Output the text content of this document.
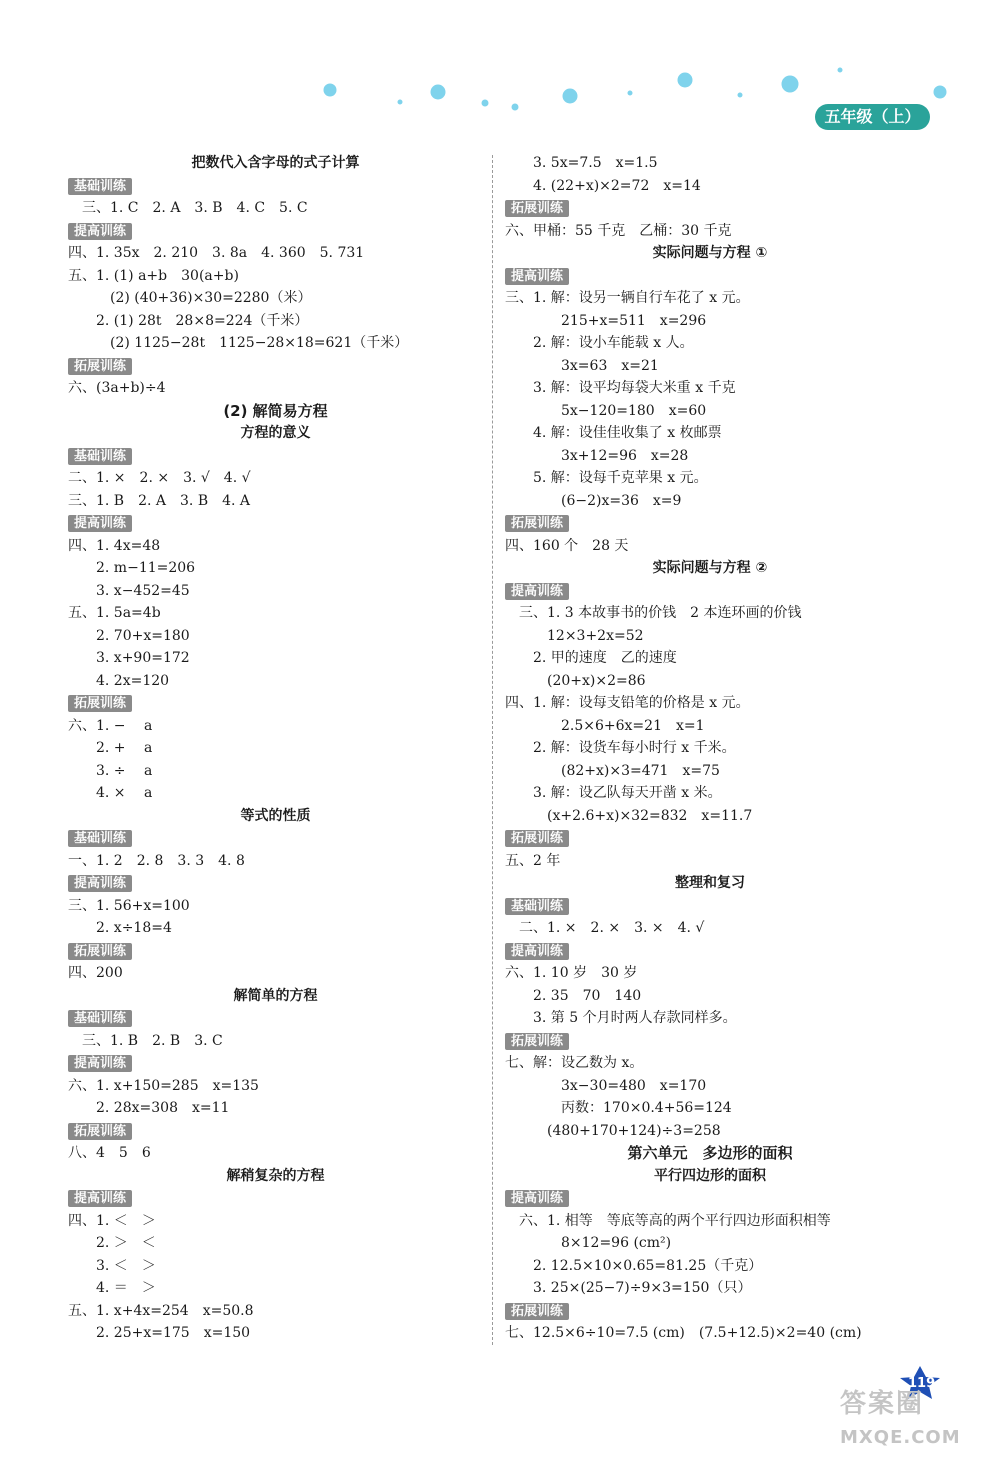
五年级（上）
把数代入含字母的式子计算
基础训练
三、1. C　2. A　3. B　4. C　5. C
提高训练
四、1. 35x　2. 210　3. 8a　4. 360　5. 731
五、1. (1) a+b　30(a+b)
(2) (40+36)×30=2280（米）
2. (1) 28t　28×8=224（千米）
(2) 1125−28t　1125−28×18=621（千米）
拓展训练
六、(3a+b)÷4
(2) 解简易方程
方程的意义
基础训练
二、1. ×　2. ×　3. √　4. √
三、1. B　2. A　3. B　4. A
提高训练
四、1. 4x=48
2. m−11=206
3. x−452=45
五、1. 5a=4b
2. 70+x=180
3. x+90=172
4. 2x=120
拓展训练
六、1. −　 a
2. +　 a
3. ÷　 a
4. ×　 a
等式的性质
基础训练
一、1. 2　2. 8　3. 3　4. 8
提高训练
三、1. 56+x=100
2. x÷18=4
拓展训练
四、200
解简单的方程
基础训练
三、1. B　2. B　3. C
提高训练
六、1. x+150=285　x=135
2. 28x=308　x=11
拓展训练
八、4　5　6
解稍复杂的方程
提高训练
四、1. ＜　＞
2. ＞　＜
3. ＜　＞
4. ＝　＞
五、1. x+4x=254　x=50.8
2. 25+x=175　x=150
3. 5x=7.5　x=1.5
4. (22+x)×2=72　x=14
拓展训练
六、甲桶：55 千克　乙桶：30 千克
实际问题与方程 ①
提高训练
三、1. 解：设另一辆自行车花了 x 元。
215+x=511　x=296
2. 解：设小车能载 x 人。
3x=63　x=21
3. 解：设平均每袋大米重 x 千克
5x−120=180　x=60
4. 解：设佳佳收集了 x 枚邮票
3x+12=96　x=28
5. 解：设每千克苹果 x 元。
(6−2)x=36　x=9
拓展训练
四、160 个　28 天
实际问题与方程 ②
提高训练
三、1. 3 本故事书的价钱　2 本连环画的价钱
12×3+2x=52
2. 甲的速度　乙的速度
(20+x)×2=86
四、1. 解：设每支铅笔的价格是 x 元。
2.5×6+6x=21　x=1
2. 解：设货车每小时行 x 千米。
(82+x)×3=471　x=75
3. 解：设乙队每天开凿 x 米。
(x+2.6+x)×32=832　x=11.7
拓展训练
五、2 年
整理和复习
基础训练
二、1. ×　2. ×　3. ×　4. √
提高训练
六、1. 10 岁　30 岁
2. 35　70　140
3. 第 5 个月时两人存款同样多。
拓展训练
七、解：设乙数为 x。
3x−30=480　x=170
丙数：170×0.4+56=124
(480+170+124)÷3=258
第六单元　多边形的面积
平行四边形的面积
提高训练
六、1. 相等　等底等高的两个平行四边形面积相等
8×12=96 (cm²)
2. 12.5×10×0.65=81.25（千克）
3. 25×(25−7)÷9×3=150（只）
拓展训练
七、12.5×6÷10=7.5 (cm)　(7.5+12.5)×2=40 (cm)
119
答案圈
MXQE.COM
